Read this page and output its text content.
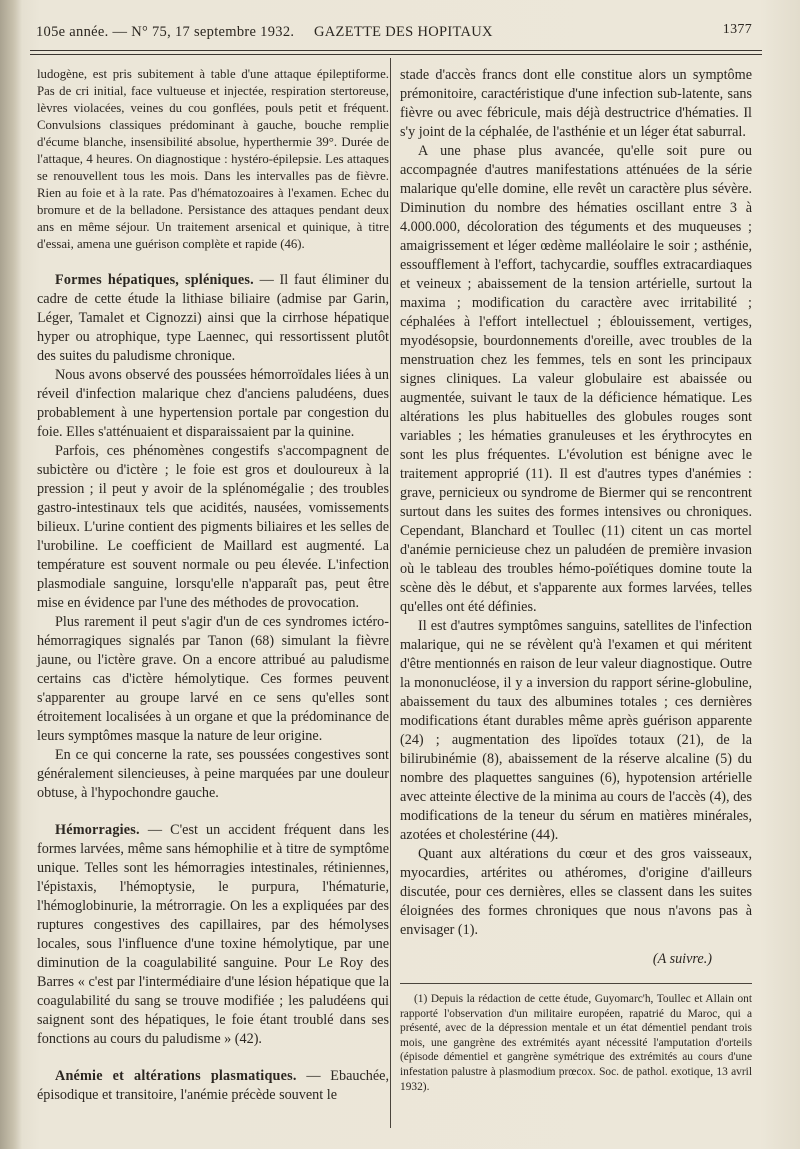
105e année. — N° 75, 17 septembre 1932. GAZETTE DES HOPITAUX	1377

ludogène, est pris subitement à table d'une attaque épileptiforme. Pas de cri initial, face vultueuse et injectée, respiration stertoreuse, lèvres violacées, veines du cou gonflées, pouls petit et fréquent. Convulsions classiques prédominant à gauche, bouche remplie d'écume blanche, insensibilité absolue, hyperthermie 39°. Durée de l'attaque, 4 heures. On diagnostique : hystéro-épilepsie. Les attaques se renouvellent tous les mois. Dans les intervalles pas de fièvre. Rien au foie et à la rate. Pas d'hématozoaires à l'examen. Echec du bromure et de la belladone. Persistance des attaques pendant deux ans en même séjour. Un traitement arsenical et quinique, à titre d'essai, amena une guérison complète et rapide (46).

Formes hépatiques, spléniques. — Il faut éliminer du cadre de cette étude la lithiase biliaire (admise par Garin, Léger, Tamalet et Cignozzi) ainsi que la cirrhose hépatique hyper ou atrophique, type Laennec, qui ressortissent plutôt des suites du paludisme chronique.

Nous avons observé des poussées hémorroïdales liées à un réveil d'infection malarique chez d'anciens paludéens, dues probablement à une hypertension portale par congestion du foie. Elles s'atténuaient et disparaissaient par la quinine.

Parfois, ces phénomènes congestifs s'accompagnent de subictère ou d'ictère ; le foie est gros et douloureux à la pression ; il peut y avoir de la splénomégalie ; des troubles gastro-intestinaux tels que acidités, nausées, vomissements bilieux. L'urine contient des pigments biliaires et les selles de l'urobiline. Le coefficient de Maillard est augmenté. La température est souvent normale ou peu élevée. L'infection plasmodiale sanguine, lorsqu'elle n'apparaît pas, peut être mise en évidence par l'une des méthodes de provocation.

Plus rarement il peut s'agir d'un de ces syndromes ictéro-hémorragiques signalés par Tanon (68) simulant la fièvre jaune, ou l'ictère grave. On a encore attribué au paludisme certains cas d'ictère hémolytique. Ces formes peuvent s'apparenter au groupe larvé en ce sens qu'elles sont étroitement localisées à un organe et que la prédominance de leurs symptômes masque la nature de leur origine.

En ce qui concerne la rate, ses poussées congestives sont généralement silencieuses, à peine marquées par une douleur obtuse, à l'hypochondre gauche.

Hémorragies. — C'est un accident fréquent dans les formes larvées, même sans hémophilie et à titre de symptôme unique. Telles sont les hémorragies intestinales, rétiniennes, l'épistaxis, l'hémoptysie, le purpura, l'hématurie, l'hémoglobinurie, la métrorragie. On les a expliquées par des ruptures congestives des capillaires, par des hémolyses locales, sous l'influence d'une toxine hémolytique, par une diminution de la coagulabilité sanguine. Pour Le Roy des Barres « c'est par l'intermédiaire d'une lésion hépatique que la coagulabilité du sang se trouve modifiée ; les paludéens qui saignent sont des hépatiques, le foie étant troublé dans ses fonctions au cours du paludisme » (42).

Anémie et altérations plasmatiques. — Ebauchée, épisodique et transitoire, l'anémie précède souvent le

stade d'accès francs dont elle constitue alors un symptôme prémonitoire, caractéristique d'une infection sub-latente, sans fièvre ou avec fébricule, mais déjà destructrice d'hématies. Il s'y joint de la céphalée, de l'asthénie et un léger état saburral.

A une phase plus avancée, qu'elle soit pure ou accompagnée d'autres manifestations atténuées de la série malarique qu'elle domine, elle revêt un caractère plus sévère. Diminution du nombre des hématies oscillant entre 3 à 4.000.000, décoloration des téguments et des muqueuses ; amaigrissement et léger œdème malléolaire le soir ; asthénie, essoufflement à l'effort, tachycardie, souffles extracardiaques et veineux ; abaissement de la tension artérielle, surtout la maxima ; modification du caractère avec irritabilité ; céphalées à l'effort intellectuel ; éblouissement, vertiges, myodésopsie, bourdonnements d'oreille, avec troubles de la menstruation chez les femmes, tels en sont les principaux signes cliniques. La valeur globulaire est abaissée ou augmentée, suivant le taux de la déficience hématique. Les altérations les plus habituelles des globules rouges sont variables ; les hématies granuleuses et les érythrocytes en sont les plus fréquentes. L'évolution est bénigne avec le traitement approprié (11). Il est d'autres types d'anémies : grave, pernicieux ou syndrome de Biermer qui se rencontrent surtout dans les suites des formes intensives ou chroniques. Cependant, Blanchard et Toullec (11) citent un cas mortel d'anémie pernicieuse chez un paludéen de première invasion où le tableau des troubles hémo-poïétiques domine toute la scène dès le début, et s'apparente aux formes larvées, telles qu'elles ont été définies.

Il est d'autres symptômes sanguins, satellites de l'infection malarique, qui ne se révèlent qu'à l'examen et qui méritent d'être mentionnés en raison de leur valeur diagnostique. Outre la mononucléose, il y a inversion du rapport sérine-globuline, abaissement du taux des albumines totales ; ces dernières modifications étant durables même après guérison apparente (24) ; augmentation des lipoïdes totaux (21), de la bilirubinémie (8), abaissement de la réserve alcaline (5) du nombre des plaquettes sanguines (6), hypotension artérielle avec atteinte élective de la minima au cours de l'accès (4), des modifications de la teneur du sérum en matières minérales, azotées et cholestérine (44).

Quant aux altérations du cœur et des gros vaisseaux, myocardies, artérites ou athéromes, d'origine d'ailleurs discutée, pour ces dernières, elles se classent dans les suites éloignées des formes chroniques que nous n'avons pas à envisager (1).

(A suivre.)

(1) Depuis la rédaction de cette étude, Guyomarc'h, Toullec et Allain ont rapporté l'observation d'un militaire européen, rapatrié du Maroc, qui a présenté, avec de la dépression mentale et un état démentiel pendant trois mois, une gangrène des extrémités ayant nécessité l'amputation d'orteils (épisode démentiel et gangrène symétrique des extrémités au cours d'une infestation palustre à plasmodium prœcox. Soc. de pathol. exotique, 13 avril 1932).
